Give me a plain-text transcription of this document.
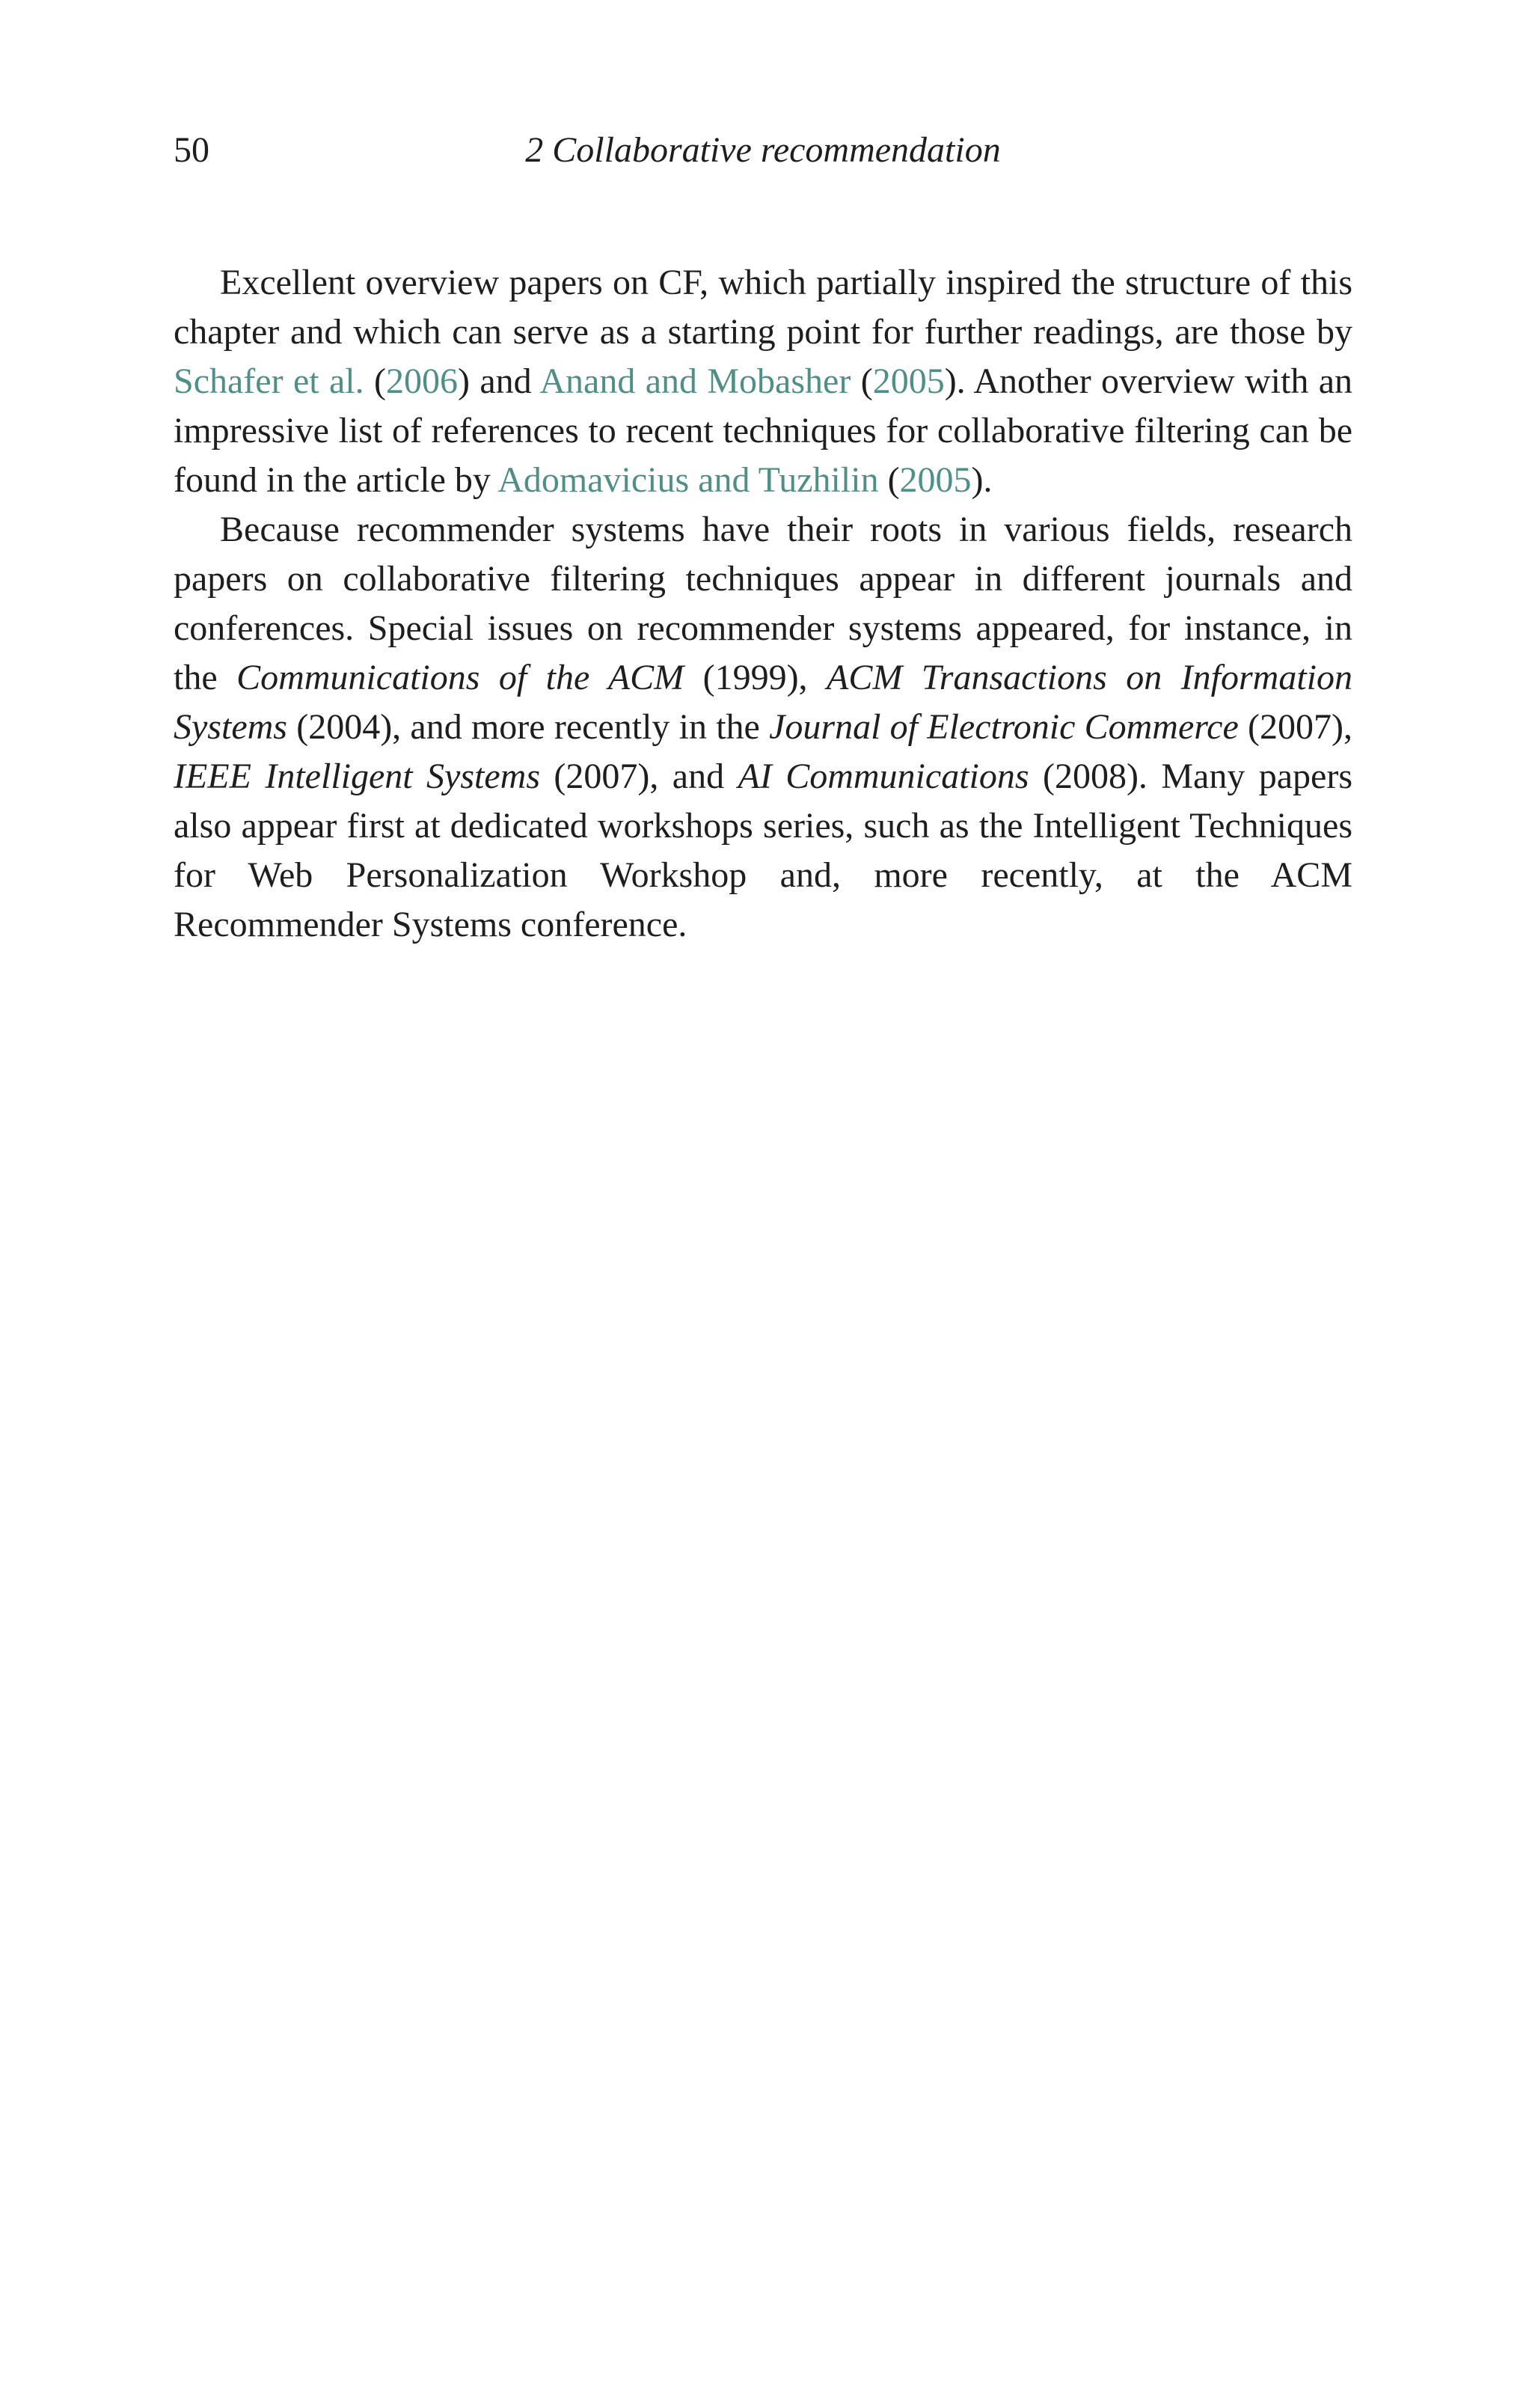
50	2 Collaborative recommendation

Excellent overview papers on CF, which partially inspired the structure of this chapter and which can serve as a starting point for further readings, are those by Schafer et al. (2006) and Anand and Mobasher (2005). Another overview with an impressive list of references to recent techniques for collaborative filtering can be found in the article by Adomavicius and Tuzhilin (2005).

Because recommender systems have their roots in various fields, research papers on collaborative filtering techniques appear in different journals and conferences. Special issues on recommender systems appeared, for instance, in the Communications of the ACM (1999), ACM Transactions on Information Systems (2004), and more recently in the Journal of Electronic Commerce (2007), IEEE Intelligent Systems (2007), and AI Communications (2008). Many papers also appear first at dedicated workshops series, such as the Intelligent Techniques for Web Personalization Workshop and, more recently, at the ACM Recommender Systems conference.
